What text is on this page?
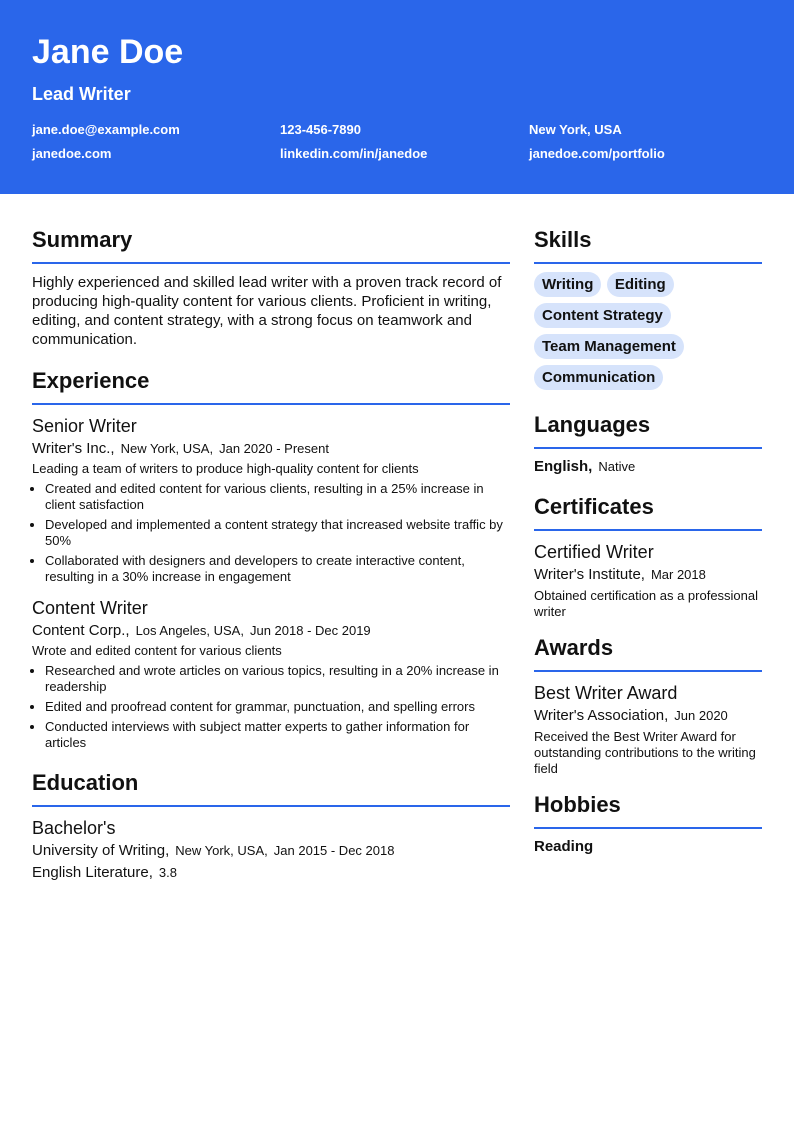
Jane Doe
Lead Writer
jane.doe@example.com	123-456-7890	New York, USA
janedoe.com	linkedin.com/in/janedoe	janedoe.com/portfolio
Summary

Highly experienced and skilled lead writer with a proven track record of producing high-quality content for various clients. Proficient in writing, editing, and content strategy, with a strong focus on teamwork and communication.

Experience
Senior Writer
Writer's Inc., New York, USA, Jan 2020 - Present

Leading a team of writers to produce high-quality content for clients

• Created and edited content for various clients, resulting in a 25% increase in client satisfaction
• Developed and implemented a content strategy that increased website traffic by 50%
• Collaborated with designers and developers to create interactive content, resulting in a 30% increase in engagement
Content Writer
Content Corp., Los Angeles, USA, Jun 2018 - Dec 2019

Wrote and edited content for various clients

• Researched and wrote articles on various topics, resulting in a 20% increase in readership
• Edited and proofread content for grammar, punctuation, and spelling errors
• Conducted interviews with subject matter experts to gather information for articles
Education
Bachelor's
University of Writing, New York, USA, Jan 2015 - Dec 2018
English Literature, 3.8
Skills
Writing Editing
Content Strategy
Team Management
Communication
Languages
English, Native
Certificates
Certified Writer
Writer's Institute, Mar 2018

Obtained certification as a professional writer

Awards
Best Writer Award
Writer's Association, Jun 2020

Received the Best Writer Award for outstanding contributions to the writing field

Hobbies
Reading
